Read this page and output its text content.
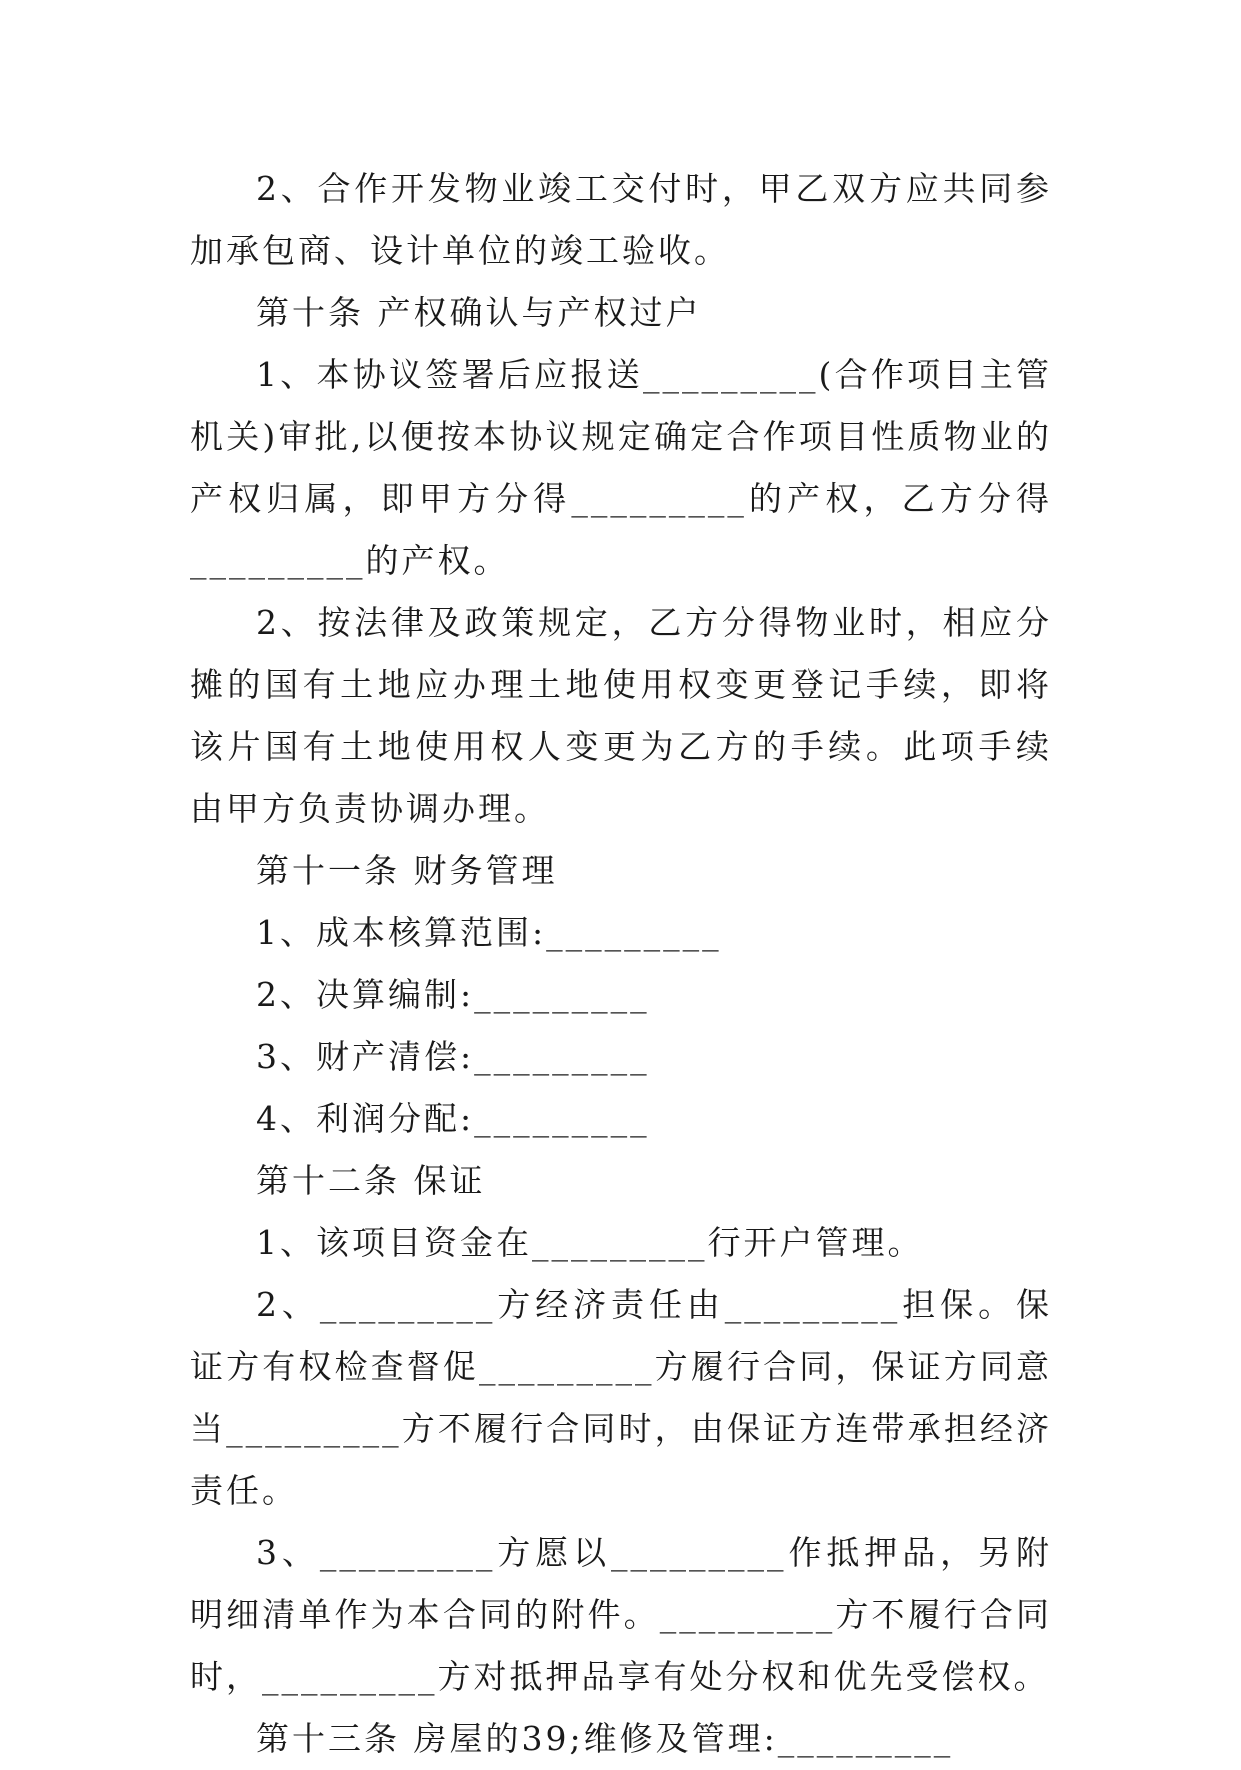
2、合作开发物业竣工交付时，甲乙双方应共同参加承包商、设计单位的竣工验收。

第十条 产权确认与产权过户

1、本协议签署后应报送_________(合作项目主管机关)审批,以便按本协议规定确定合作项目性质物业的产权归属，即甲方分得_________的产权，乙方分得_________的产权。

2、按法律及政策规定，乙方分得物业时，相应分摊的国有土地应办理土地使用权变更登记手续，即将该片国有土地使用权人变更为乙方的手续。此项手续由甲方负责协调办理。

第十一条 财务管理

1、成本核算范围:_________

2、决算编制:_________

3、财产清偿:_________

4、利润分配:_________

第十二条 保证

1、该项目资金在_________行开户管理。

2、_________方经济责任由_________担保。保证方有权检查督促_________方履行合同，保证方同意当_________方不履行合同时，由保证方连带承担经济责任。

3、_________方愿以_________作抵押品，另附明细清单作为本合同的附件。_________方不履行合同时，_________方对抵押品享有处分权和优先受偿权。

第十三条 房屋的39;维修及管理:_________
